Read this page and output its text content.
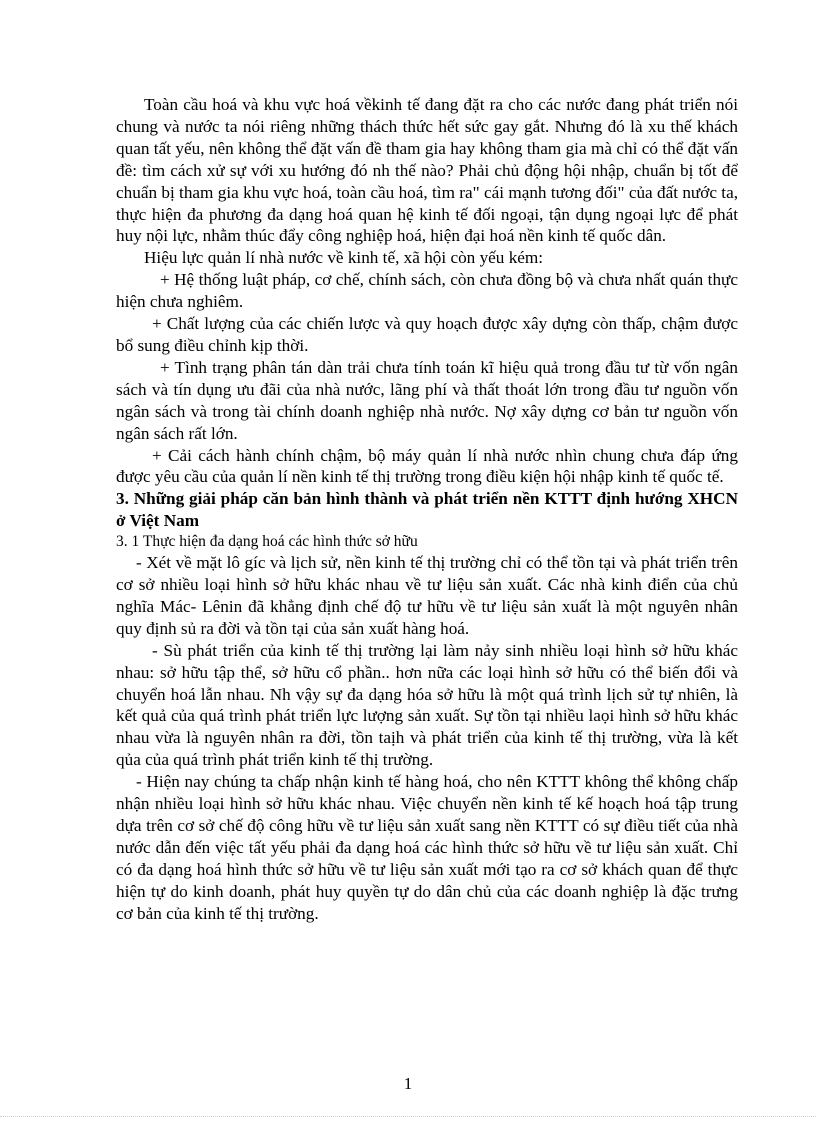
Toàn cầu hoá và khu vực hoá vềkinh tế đang đặt ra cho các nước đang phát triển nói chung và nước ta nói riêng những thách thức hết sức gay gắt. Nhưng đó là xu thế khách quan tất yếu, nên không thể đặt vấn đề tham gia hay không tham gia mà chỉ có thể đặt vấn đề: tìm cách xử sự với xu hướng đó nh thế nào? Phải chủ động hội nhập, chuẩn bị tốt để chuẩn bị tham gia khu vực hoá, toàn cầu hoá, tìm ra" cái mạnh tương đối" của đất nước ta, thực hiện đa phương đa dạng hoá quan hệ kinh tế đối ngoại, tận dụng ngoại lực để phát huy nội lực, nhằm thúc đẩy công nghiệp hoá, hiện đại hoá nền kinh tế quốc dân.

Hiệu lực quản lí nhà nước về kinh tế, xã hội còn yếu kém:

+ Hệ thống luật pháp, cơ chế, chính sách, còn chưa đồng bộ và chưa nhất quán thực hiện chưa nghiêm.

+ Chất lượng của các chiến lược và quy hoạch được xây dựng còn thấp, chậm được bổ sung điều chỉnh kịp thời.

+ Tình trạng phân tán dàn trải chưa tính toán kĩ hiệu quả trong đầu tư từ vốn ngân sách và tín dụng ưu đãi của nhà nước, lãng phí và thất thoát lớn trong đầu tư nguồn vốn ngân sách và trong tài chính doanh nghiệp nhà nước. Nợ xây dựng cơ bản tư nguồn vốn ngân sách rất lớn.

+ Cải cách hành chính chậm, bộ máy quản lí nhà nước nhìn chung chưa đáp ứng được yêu cầu của quản lí nền kinh tế thị trường trong điều kiện hội nhập kinh tế quốc tế.

3. Những giải pháp căn bản hình thành và phát triển nền KTTT định hướng XHCN ở Việt Nam

3. 1 Thực hiện đa dạng hoá các hình thức sở hữu

- Xét về mặt lô gíc và lịch sử, nền kinh tế thị trường chỉ có thể tồn tại và phát triển trên cơ sở nhiều loại hình sở hữu khác nhau về tư liệu sản xuất. Các nhà kinh điển của chủ nghĩa Mác- Lênin đã khẳng định chế độ tư hữu về tư liệu sản xuất là một nguyên nhân quy định sủ ra đời và tồn tại của sản xuất hàng hoá.

- Sù phát triển của kinh tế thị trường lại làm nảy sinh nhiều loại hình sở hữu khác nhau: sở hữu tập thể, sở hữu cổ phần.. hơn nữa các loại hình sở hữu có thể biến đổi và chuyển hoá lẫn nhau. Nh vậy sự đa dạng hóa sở hữu là một quá trình lịch sử tự nhiên, là kết quả của quá trình phát triển lực lượng sản xuất. Sự tồn tại nhiều laọi hình sở hữu khác nhau vừa là nguyên nhân ra đời, tồn taịh và phát triển của kinh tế thị trường, vừa là kết qủa của quá trình phát triển kinh tế thị trường.

- Hiện nay chúng ta chấp nhận kinh tế hàng hoá, cho nên KTTT không thể không chấp nhận nhiều loại hình sở hữu khác nhau. Việc chuyển nền kinh tế kế hoạch hoá tập trung dựa trên cơ sở chế độ công hữu về tư liệu sản xuất sang nền KTTT có sự điều tiết của nhà nước dẫn đến việc tất yếu phải đa dạng hoá các hình thức sở hữu về tư liệu sản xuất. Chỉ có đa dạng hoá hình thức sở hữu về tư liệu sản xuất mới tạo ra cơ sở khách quan để thực hiện tự do kinh doanh, phát huy quyền tự do dân chủ của các doanh nghiệp là đặc trưng cơ bản của kinh tế thị trường.

1
